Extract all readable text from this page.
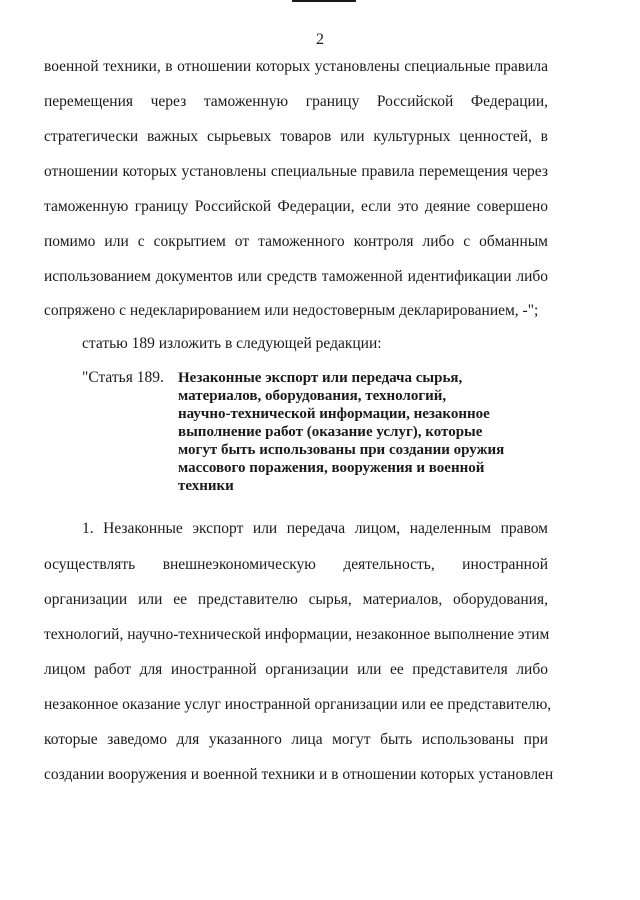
2
военной техники, в отношении которых установлены специальные правила
перемещения через таможенную границу Российской Федерации,
стратегически важных сырьевых товаров или культурных ценностей, в
отношении которых установлены специальные правила перемещения через
таможенную границу Российской Федерации, если это деяние совершено
помимо или с сокрытием от таможенного контроля либо с обманным
использованием документов или средств таможенной идентификации либо
сопряжено с недекларированием или недостоверным декларированием, -";
статью 189 изложить в следующей редакции:
"Статья 189. Незаконные экспорт или передача сырья,
материалов, оборудования, технологий,
научно-технической информации, незаконное
выполнение работ (оказание услуг), которые
могут быть использованы при создании оружия
массового поражения, вооружения и военной
техники
1. Незаконные экспорт или передача лицом, наделенным правом
осуществлять внешнеэкономическую деятельность, иностранной
организации или ее представителю сырья, материалов, оборудования,
технологий, научно-технической информации, незаконное выполнение этим
лицом работ для иностранной организации или ее представителя либо
незаконное оказание услуг иностранной организации или ее представителю,
которые заведомо для указанного лица могут быть использованы при
создании вооружения и военной техники и в отношении которых установлен
